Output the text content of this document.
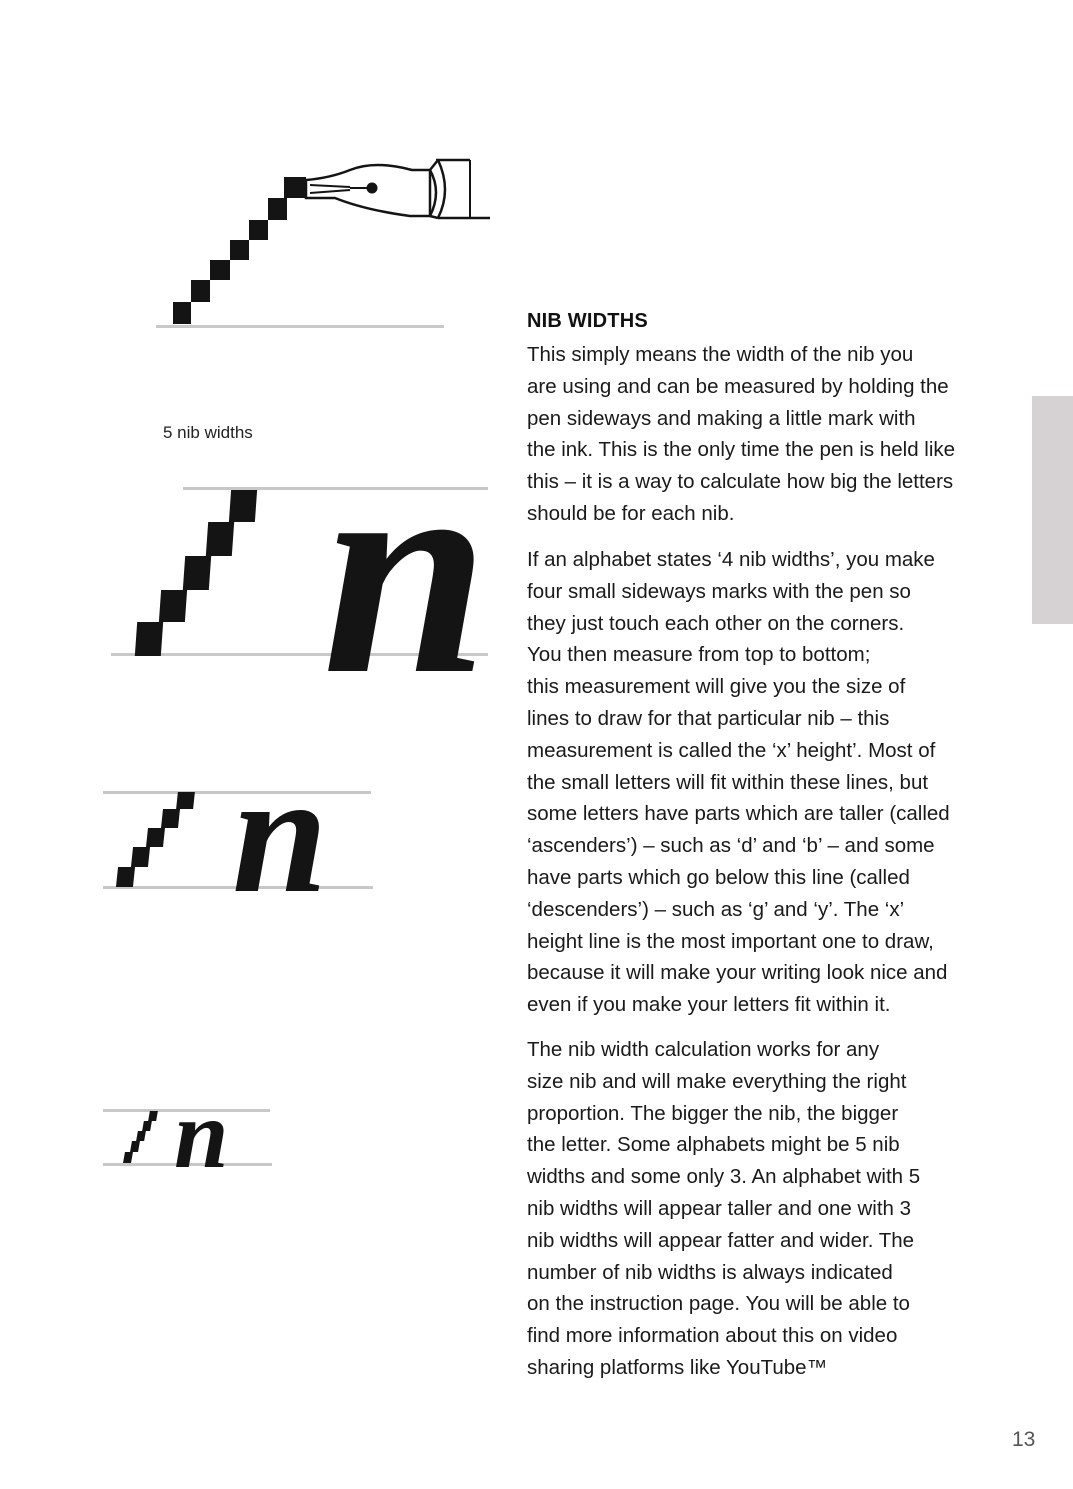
5 nib widths n
n
n
NIB WIDTHS
This simply means the width of the nib you
are using and can be measured by holding the
pen sideways and making a little mark with
the ink. This is the only time the pen is held like
this – it is a way to calculate how big the letters
should be for each nib.
If an alphabet states ‘4 nib widths’, you make
four small sideways marks with the pen so
they just touch each other on the corners.
You then measure from top to bottom;
this measurement will give you the size of
lines to draw for that particular nib – this
measurement is called the ‘x’ height’. Most of
the small letters will fit within these lines, but
some letters have parts which are taller (called
‘ascenders’) – such as ‘d’ and ‘b’ – and some
have parts which go below this line (called
‘descenders’) – such as ‘g’ and ‘y’. The ‘x’
height line is the most important one to draw,
because it will make your writing look nice and
even if you make your letters fit within it.
The nib width calculation works for any
size nib and will make everything the right
proportion. The bigger the nib, the bigger
the letter. Some alphabets might be 5 nib
widths and some only 3. An alphabet with 5
nib widths will appear taller and one with 3
nib widths will appear fatter and wider. The
number of nib widths is always indicated
on the instruction page. You will be able to
find more information about this on video
sharing platforms like YouTube™
13
